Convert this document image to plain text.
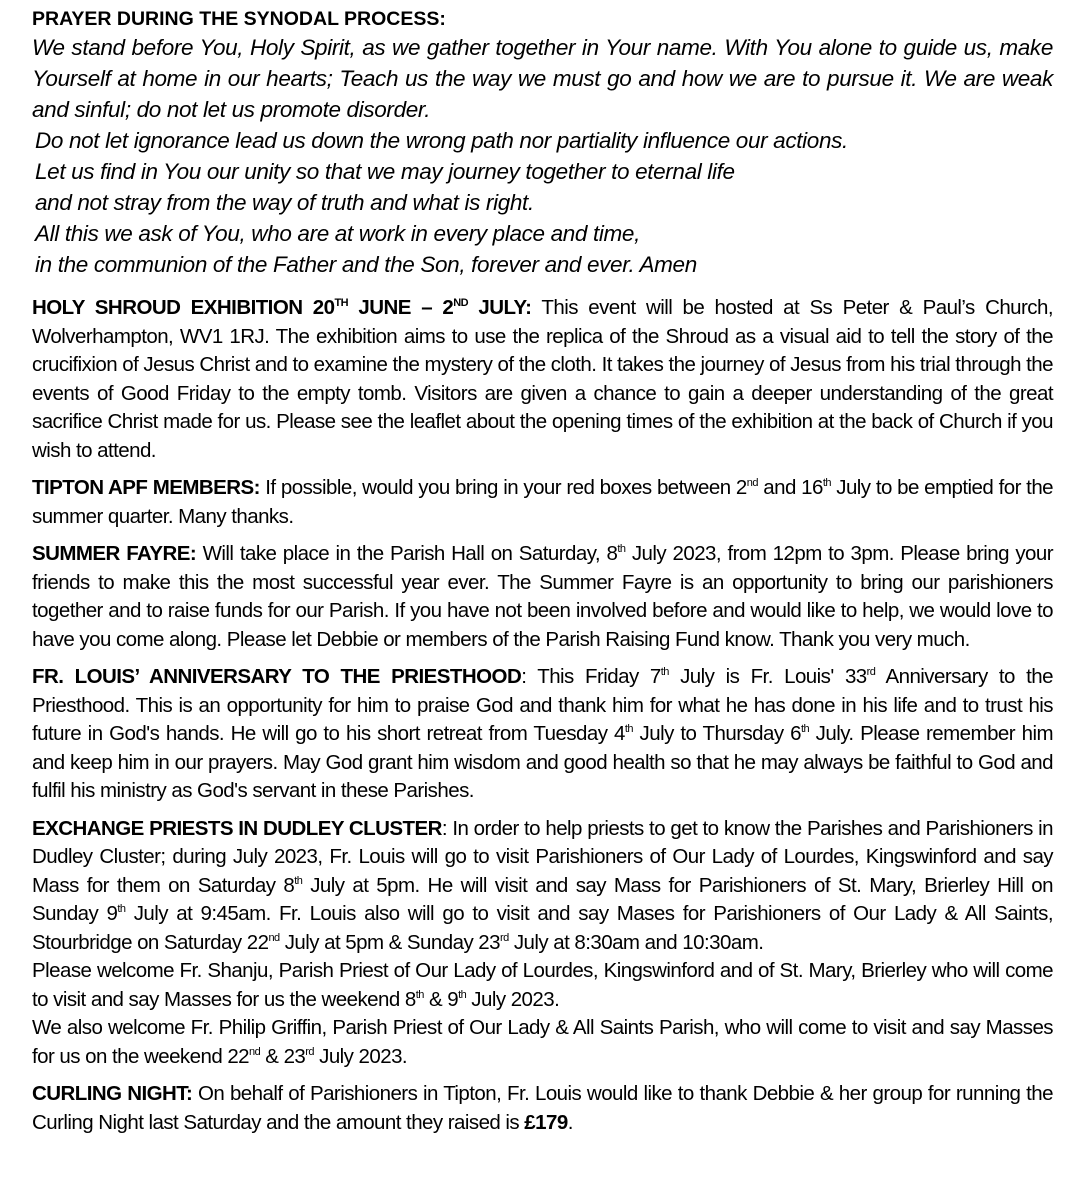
PRAYER DURING THE SYNODAL PROCESS:

We stand before You, Holy Spirit, as we gather together in Your name. With You alone to guide us, make Yourself at home in our hearts; Teach us the way we must go and how we are to pursue it. We are weak and sinful; do not let us promote disorder.

Do not let ignorance lead us down the wrong path nor partiality influence our actions.

Let us find in You our unity so that we may journey together to eternal life

and not stray from the way of truth and what is right.

All this we ask of You, who are at work in every place and time,

in the communion of the Father and the Son, forever and ever. Amen

HOLY SHROUD EXHIBITION 20TH JUNE – 2ND JULY: This event will be hosted at Ss Peter & Paul’s Church, Wolverhampton, WV1 1RJ. The exhibition aims to use the replica of the Shroud as a visual aid to tell the story of the crucifixion of Jesus Christ and to examine the mystery of the cloth. It takes the journey of Jesus from his trial through the events of Good Friday to the empty tomb. Visitors are given a chance to gain a deeper understanding of the great sacrifice Christ made for us. Please see the leaflet about the opening times of the exhibition at the back of Church if you wish to attend.

TIPTON APF MEMBERS: If possible, would you bring in your red boxes between 2nd and 16th July to be emptied for the summer quarter. Many thanks.

SUMMER FAYRE: Will take place in the Parish Hall on Saturday, 8th July 2023, from 12pm to 3pm. Please bring your friends to make this the most successful year ever. The Summer Fayre is an opportunity to bring our parishioners together and to raise funds for our Parish. If you have not been involved before and would like to help, we would love to have you come along. Please let Debbie or members of the Parish Raising Fund know. Thank you very much.

FR. LOUIS’ ANNIVERSARY TO THE PRIESTHOOD: This Friday 7th July is Fr. Louis' 33rd Anniversary to the Priesthood. This is an opportunity for him to praise God and thank him for what he has done in his life and to trust his future in God's hands. He will go to his short retreat from Tuesday 4th July to Thursday 6th July. Please remember him and keep him in our prayers. May God grant him wisdom and good health so that he may always be faithful to God and fulfil his ministry as God's servant in these Parishes.

EXCHANGE PRIESTS IN DUDLEY CLUSTER: In order to help priests to get to know the Parishes and Parishioners in Dudley Cluster; during July 2023, Fr. Louis will go to visit Parishioners of Our Lady of Lourdes, Kingswinford and say Mass for them on Saturday 8th July at 5pm. He will visit and say Mass for Parishioners of St. Mary, Brierley Hill on Sunday 9th July at 9:45am. Fr. Louis also will go to visit and say Mases for Parishioners of Our Lady & All Saints, Stourbridge on Saturday 22nd July at 5pm & Sunday 23rd July at 8:30am and 10:30am.

Please welcome Fr. Shanju, Parish Priest of Our Lady of Lourdes, Kingswinford and of St. Mary, Brierley who will come to visit and say Masses for us the weekend 8th & 9th July 2023.

We also welcome Fr. Philip Griffin, Parish Priest of Our Lady & All Saints Parish, who will come to visit and say Masses for us on the weekend 22nd & 23rd July 2023.

CURLING NIGHT: On behalf of Parishioners in Tipton, Fr. Louis would like to thank Debbie & her group for running the Curling Night last Saturday and the amount they raised is £179.
